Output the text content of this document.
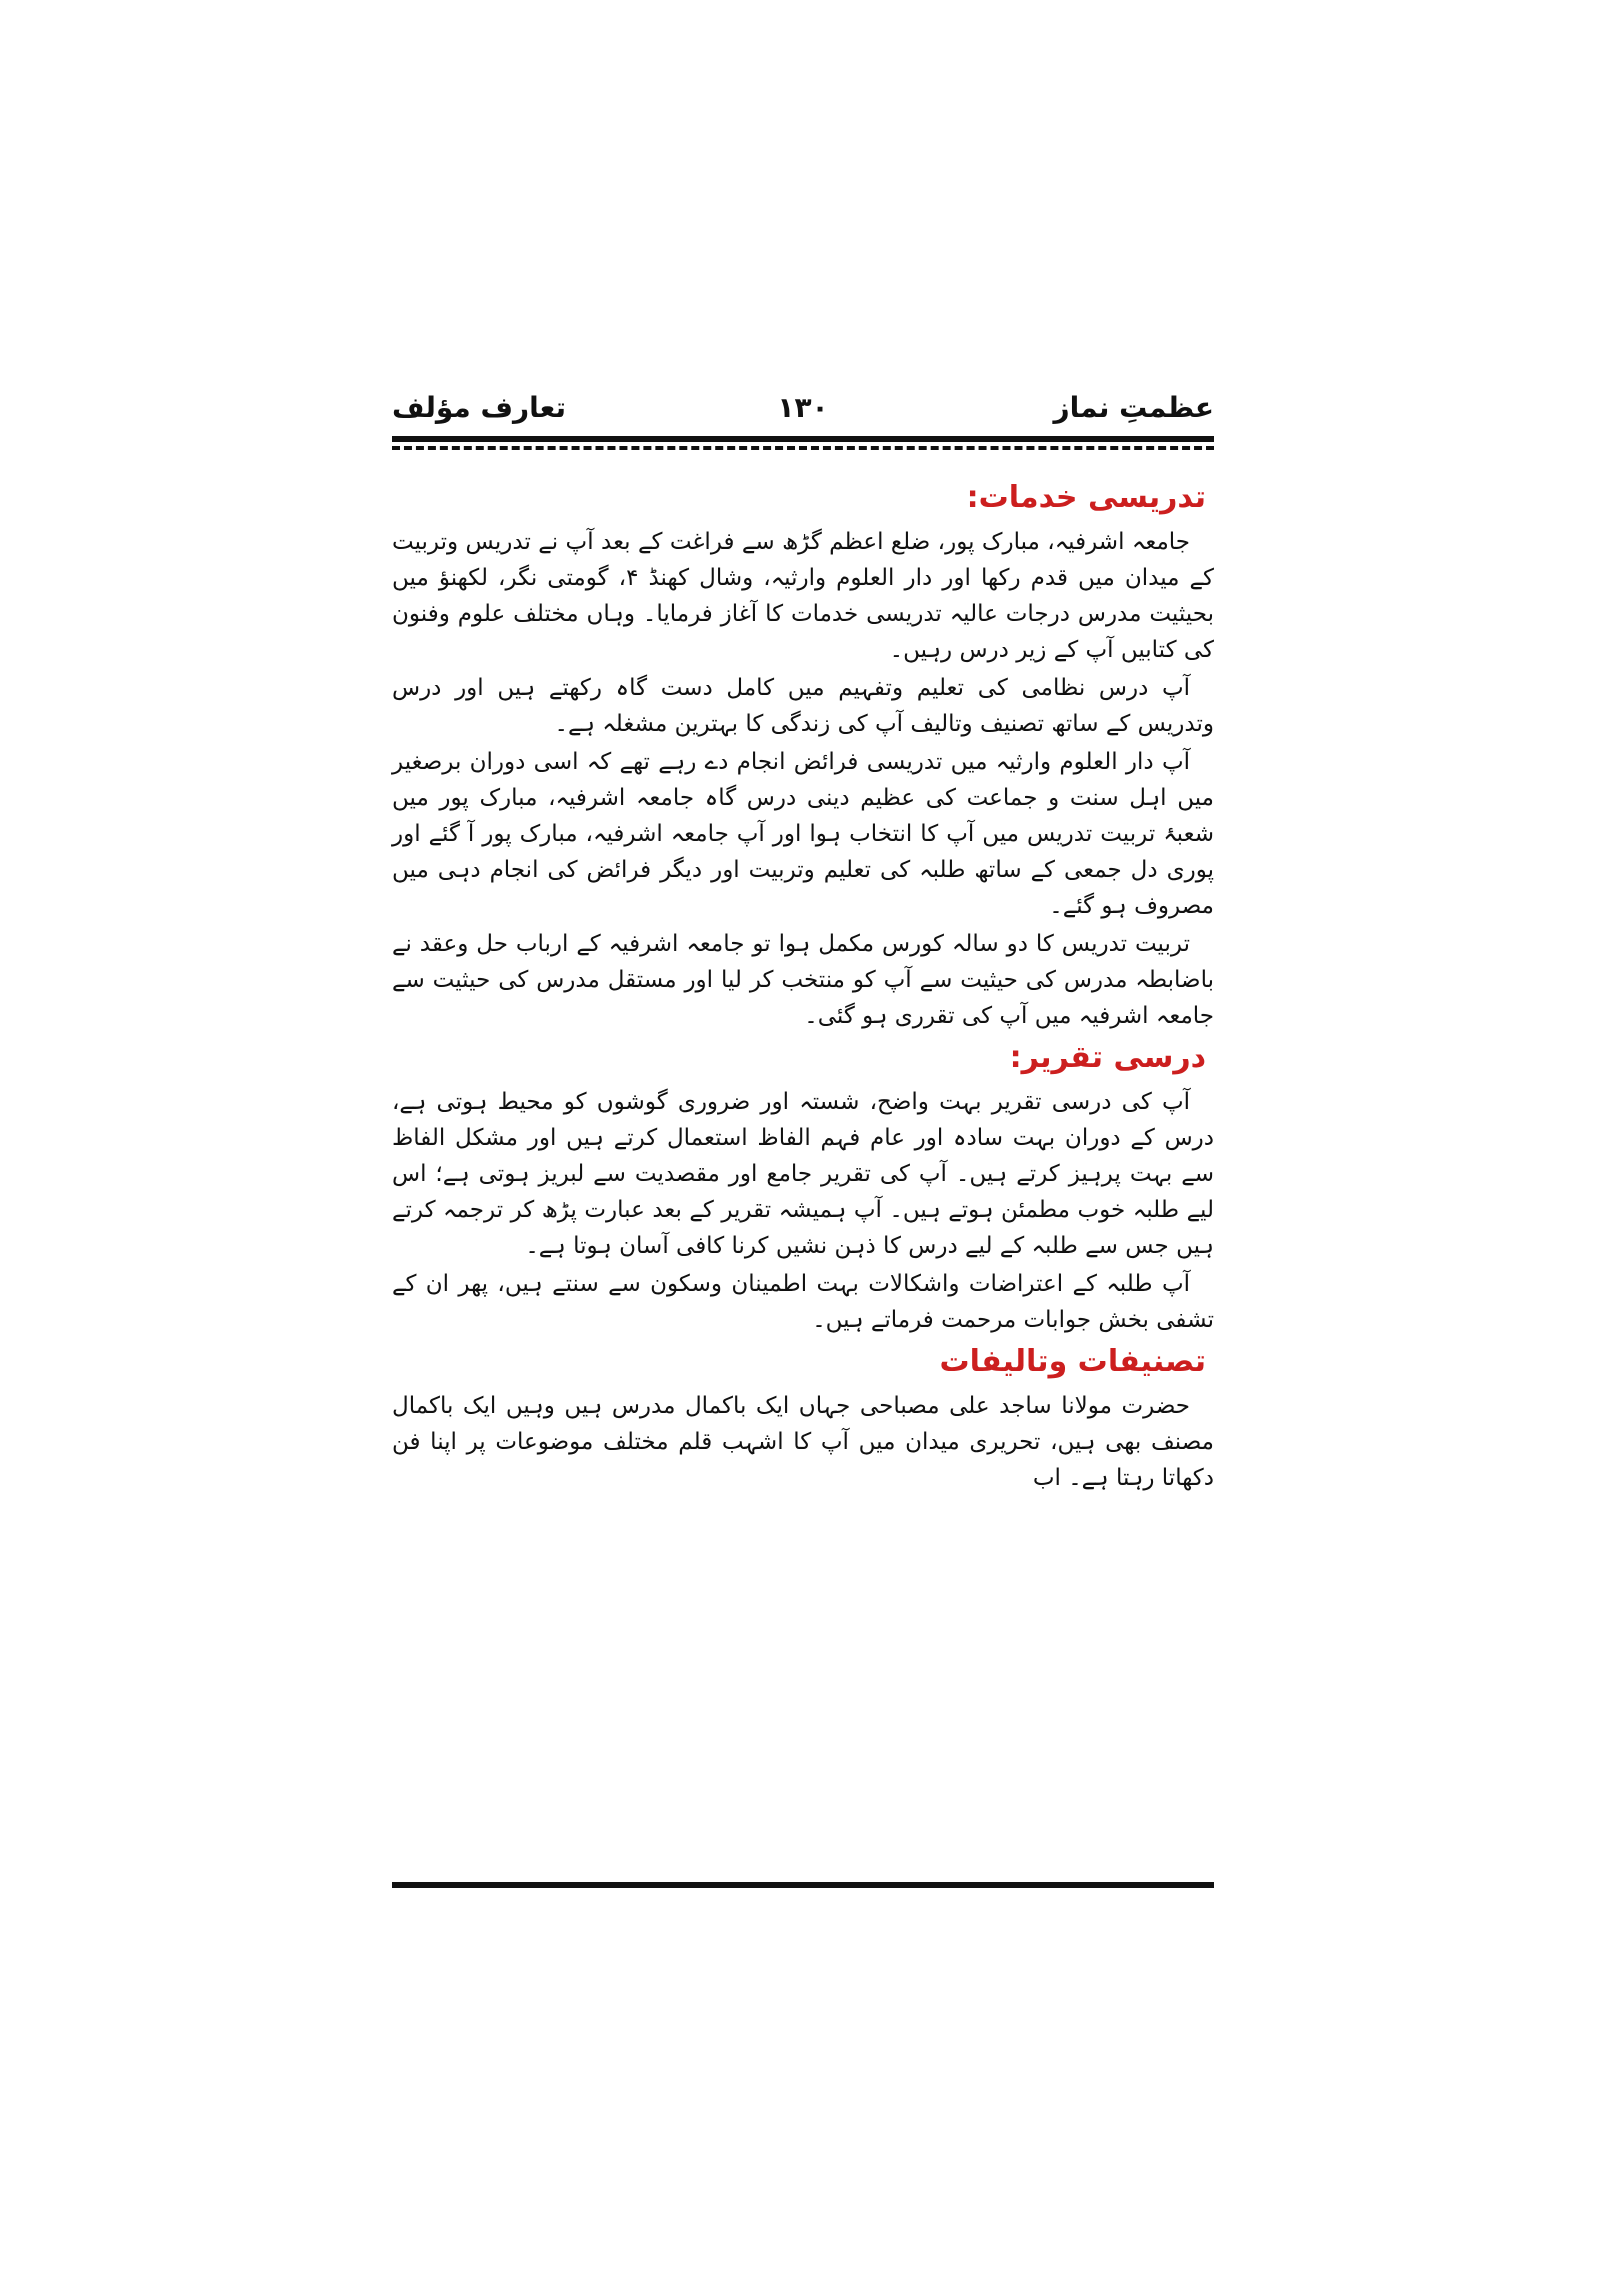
عظمتِ نماز
۱۳۰
تعارف مؤلف
تدریسی خدمات:

جامعہ اشرفیہ، مبارک پور، ضلع اعظم گڑھ سے فراغت کے بعد آپ نے تدریس وتربیت کے میدان میں قدم رکھا اور دار العلوم وارثیہ، وشال کھنڈ ۴، گومتی نگر، لکھنؤ میں بحیثیت مدرس درجات عالیہ تدریسی خدمات کا آغاز فرمایا۔ وہاں مختلف علوم وفنون کی کتابیں آپ کے زیر درس رہیں۔

آپ درس نظامی کی تعلیم وتفہیم میں کامل دست گاہ رکھتے ہیں اور درس وتدریس کے ساتھ تصنیف وتالیف آپ کی زندگی کا بہترین مشغلہ ہے۔

آپ دار العلوم وارثیہ میں تدریسی فرائض انجام دے رہے تھے کہ اسی دوران برصغیر میں اہل سنت و جماعت کی عظیم دینی درس گاہ جامعہ اشرفیہ، مبارک پور میں شعبۂ تربیت تدریس میں آپ کا انتخاب ہوا اور آپ جامعہ اشرفیہ، مبارک پور آ گئے اور پوری دل جمعی کے ساتھ طلبہ کی تعلیم وتربیت اور دیگر فرائض کی انجام دہی میں مصروف ہو گئے۔

تربیت تدریس کا دو سالہ کورس مکمل ہوا تو جامعہ اشرفیہ کے ارباب حل وعقد نے باضابطہ مدرس کی حیثیت سے آپ کو منتخب کر لیا اور مستقل مدرس کی حیثیت سے جامعہ اشرفیہ میں آپ کی تقرری ہو گئی۔

درسی تقریر:

آپ کی درسی تقریر بہت واضح، شستہ اور ضروری گوشوں کو محیط ہوتی ہے، درس کے دوران بہت سادہ اور عام فہم الفاظ استعمال کرتے ہیں اور مشکل الفاظ سے بہت پرہیز کرتے ہیں۔ آپ کی تقریر جامع اور مقصدیت سے لبریز ہوتی ہے؛ اس لیے طلبہ خوب مطمئن ہوتے ہیں۔ آپ ہمیشہ تقریر کے بعد عبارت پڑھ کر ترجمہ کرتے ہیں جس سے طلبہ کے لیے درس کا ذہن نشیں کرنا کافی آسان ہوتا ہے۔

آپ طلبہ کے اعتراضات واشکالات بہت اطمینان وسکون سے سنتے ہیں، پھر ان کے تشفی بخش جوابات مرحمت فرماتے ہیں۔

تصنیفات وتالیفات

حضرت مولانا ساجد علی مصباحی جہاں ایک باکمال مدرس ہیں وہیں ایک باکمال مصنف بھی ہیں، تحریری میدان میں آپ کا اشہب قلم مختلف موضوعات پر اپنا فن دکھاتا رہتا ہے۔ اب
